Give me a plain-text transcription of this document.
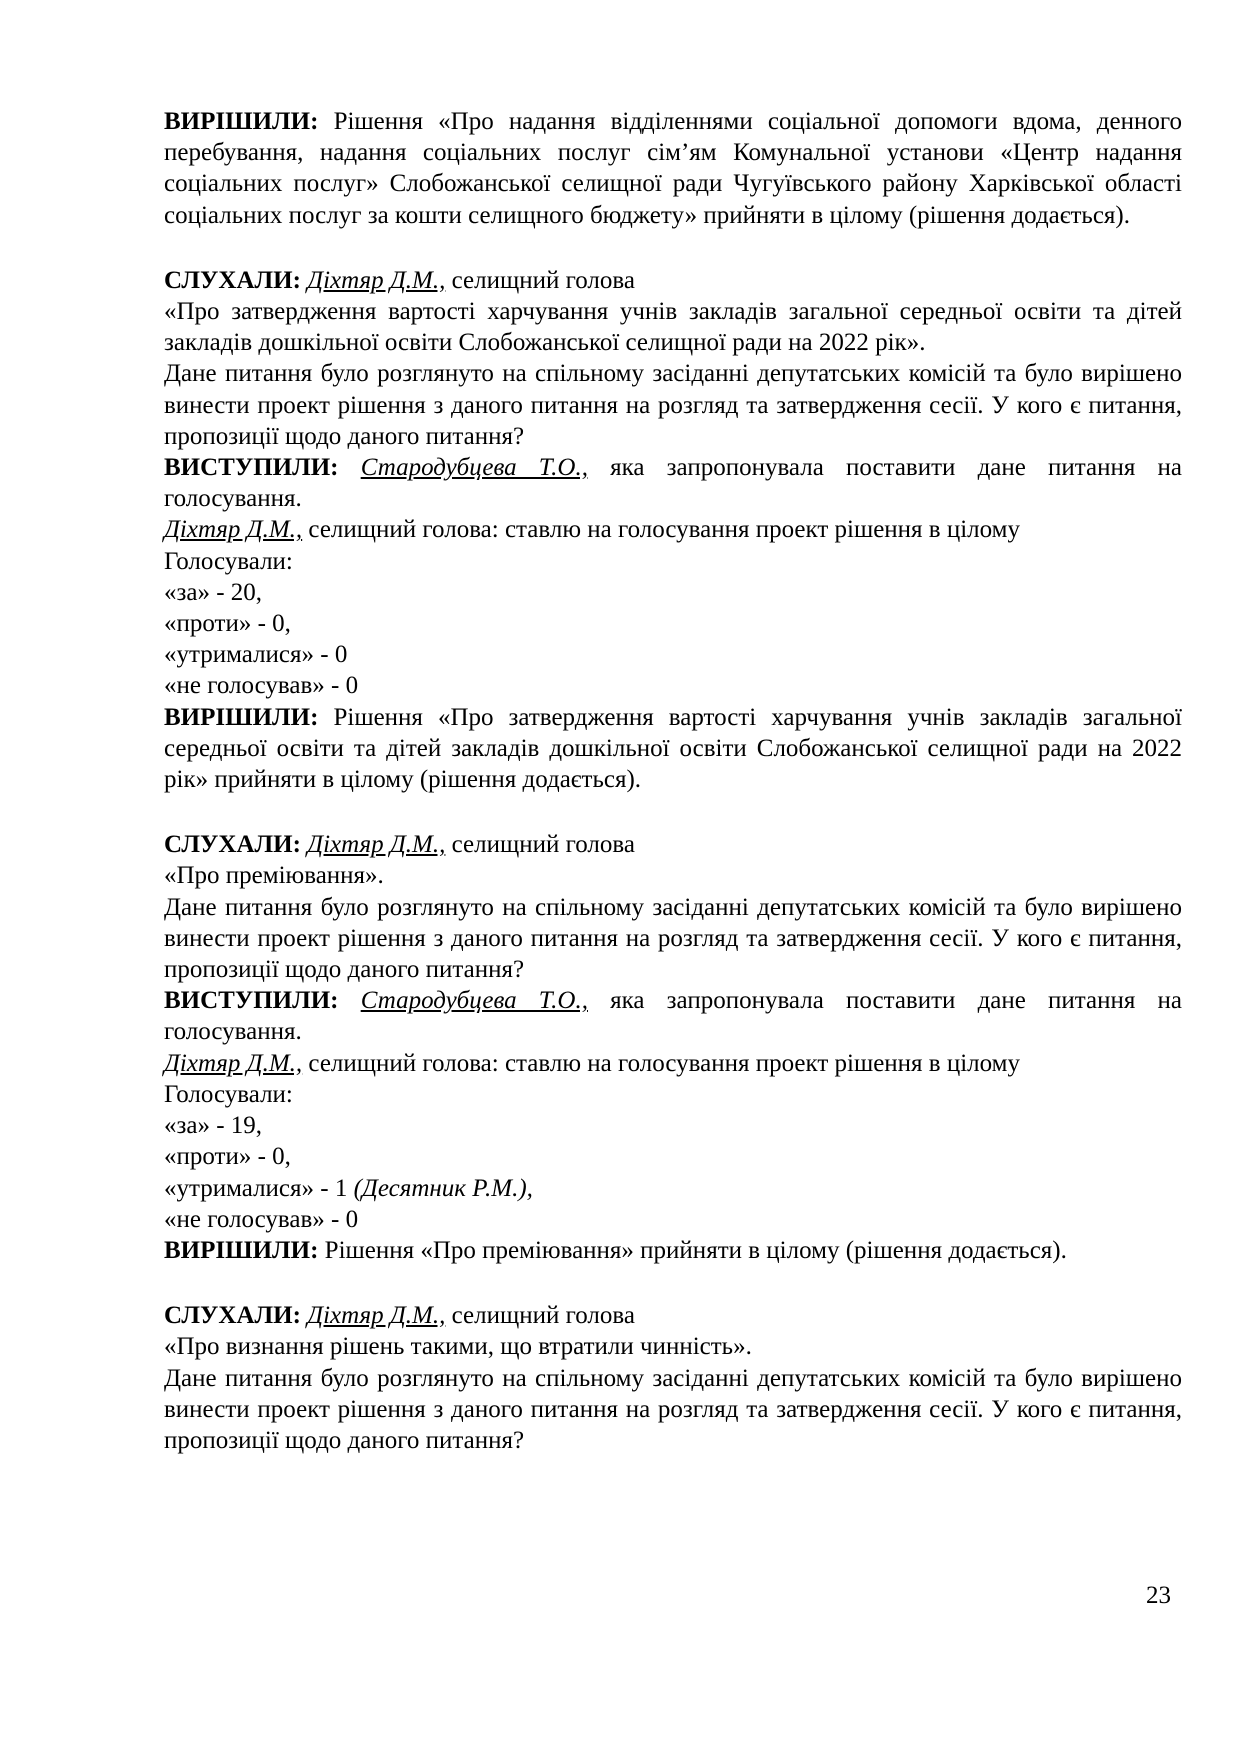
ВИРІШИЛИ: Рішення «Про надання відділеннями соціальної допомоги вдома, денного перебування, надання соціальних послуг сім’ям Комунальної установи «Центр надання соціальних послуг» Слобожанської селищної ради Чугуївського району Харківської області соціальних послуг за кошти селищного бюджету» прийняти в цілому (рішення додається).

СЛУХАЛИ: Діхтяр Д.М., селищний голова

«Про затвердження вартості харчування учнів закладів загальної середньої освіти та дітей закладів дошкільної освіти Слобожанської селищної ради на 2022 рік».

Дане питання було розглянуто на спільному засіданні депутатських комісій та було вирішено винести проект рішення з даного питання на розгляд та затвердження сесії. У кого є питання, пропозиції щодо даного питання?

ВИСТУПИЛИ: Стародубцева Т.О., яка запропонувала поставити дане питання на голосування.

Діхтяр Д.М., селищний голова: ставлю на голосування проект рішення в цілому

Голосували:

«за» - 20,

«проти» - 0,

«утрималися» - 0

«не голосував» - 0

ВИРІШИЛИ: Рішення «Про затвердження вартості харчування учнів закладів загальної середньої освіти та дітей закладів дошкільної освіти Слобожанської селищної ради на 2022 рік» прийняти в цілому (рішення додається).

СЛУХАЛИ: Діхтяр Д.М., селищний голова

«Про преміювання».

Дане питання було розглянуто на спільному засіданні депутатських комісій та було вирішено винести проект рішення з даного питання на розгляд та затвердження сесії. У кого є питання, пропозиції щодо даного питання?

ВИСТУПИЛИ: Стародубцева Т.О., яка запропонувала поставити дане питання на голосування.

Діхтяр Д.М., селищний голова: ставлю на голосування проект рішення в цілому

Голосували:

«за» - 19,

«проти» - 0,

«утрималися» - 1 (Десятник Р.М.),

«не голосував» - 0

ВИРІШИЛИ: Рішення «Про преміювання» прийняти в цілому (рішення додається).

СЛУХАЛИ: Діхтяр Д.М., селищний голова

«Про визнання рішень такими, що втратили чинність».

Дане питання було розглянуто на спільному засіданні депутатських комісій та було вирішено винести проект рішення з даного питання на розгляд та затвердження сесії. У кого є питання, пропозиції щодо даного питання?

23
